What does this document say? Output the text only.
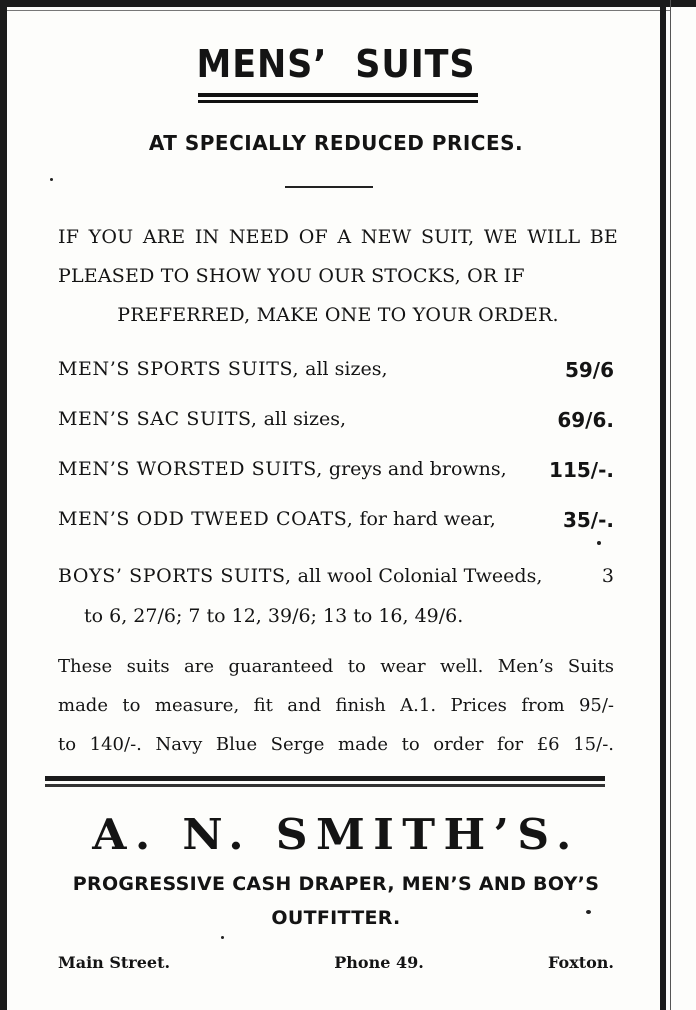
MENS’ SUITS
AT SPECIALLY REDUCED PRICES.
IF YOU ARE IN NEED OF A NEW SUIT, WE WILL BE PLEASED TO SHOW YOU OUR STOCKS, OR IF
PREFERRED, MAKE ONE TO YOUR ORDER.
MEN’S SPORTS SUITS, all sizes,	59/6
MEN’S SAC SUITS, all sizes,	69/6.
MEN’S WORSTED SUITS, greys and browns, 115/-.
MEN’S ODD TWEED COATS, for hard wear,	35/-.
BOYS’ SPORTS SUITS, all wool Colonial Tweeds,	3
to 6, 27/6; 7 to 12, 39/6; 13 to 16, 49/6.
These suits are guaranteed to wear well. Men’s Suits
made to measure, fit and finish A.1. Prices from 95/-
to 140/-. Navy Blue Serge made to order for £6 15/-.
A. N. SMITH’S.
PROGRESSIVE CASH DRAPER, MEN’S AND BOY’S
OUTFITTER.
Main Street.	Phone 49.	Foxton.
